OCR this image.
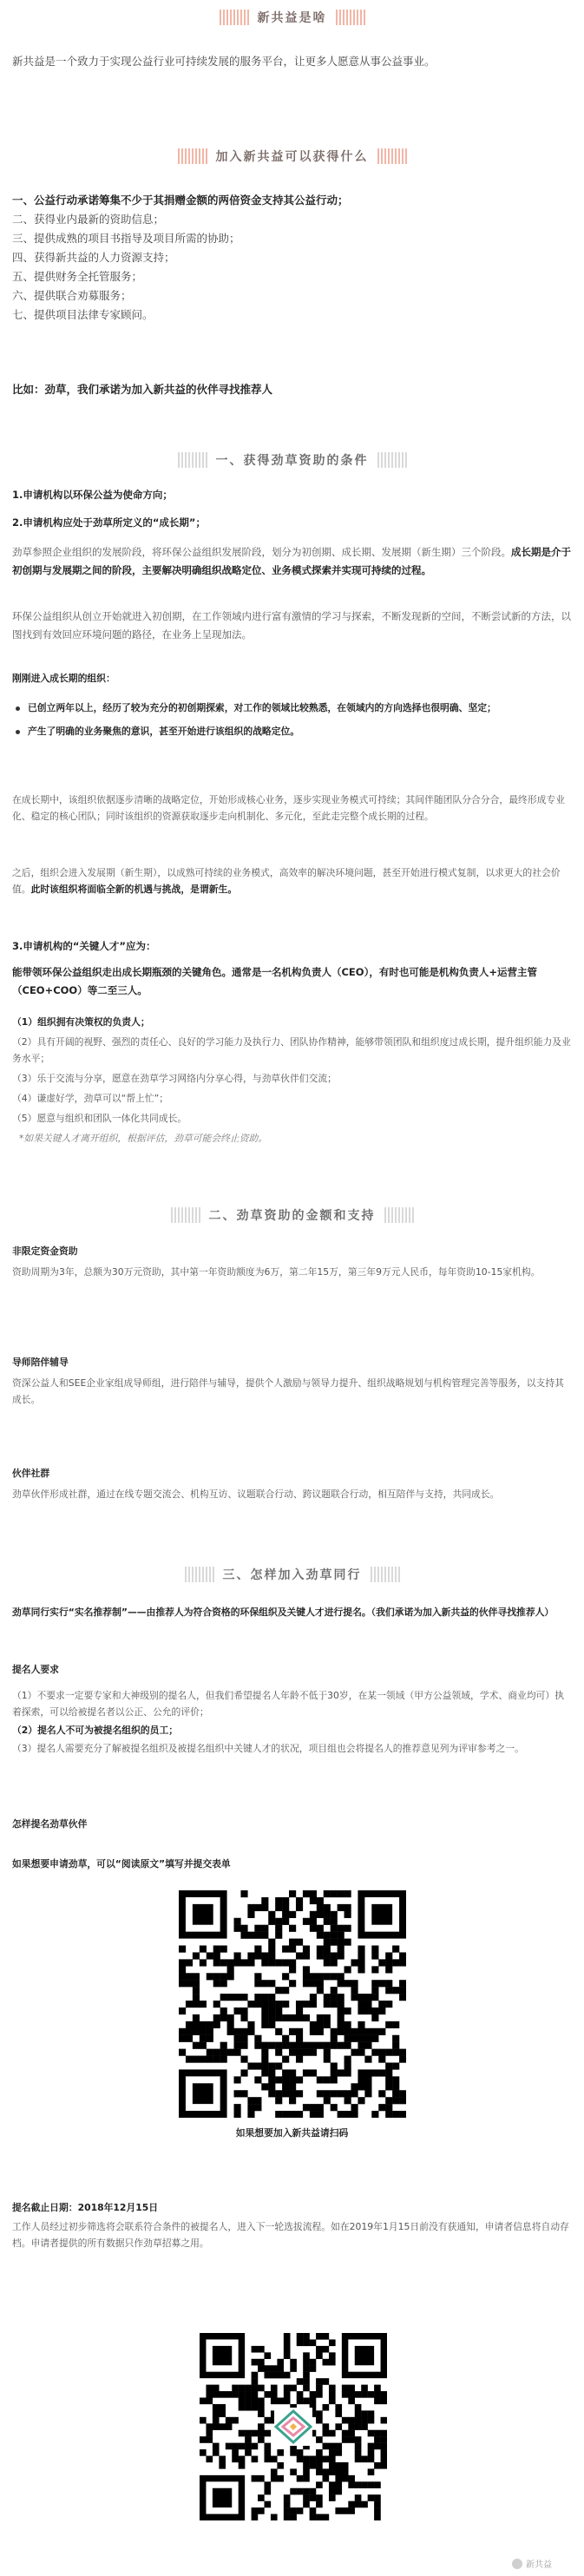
新共益是啥

新共益是一个致力于实现公益行业可持续发展的服务平台，让更多人愿意从事公益事业。

加入新共益可以获得什么
一、公益行动承诺筹集不少于其捐赠金额的两倍资金支持其公益行动；
二、获得业内最新的资助信息；
三、提供成熟的项目书指导及项目所需的协助；
四、获得新共益的人力资源支持；
五、提供财务全托管服务；
六、提供联合劝募服务；
七、提供项目法律专家顾问。

比如：劲草，我们承诺为加入新共益的伙伴寻找推荐人

一、获得劲草资助的条件

1.申请机构以环保公益为使命方向；

2.申请机构应处于劲草所定义的“成长期”；

劲草参照企业组织的发展阶段，将环保公益组织发展阶段，划分为初创期、成长期、发展期（新生期）三个阶段。成长期是介于初创期与发展期之间的阶段，主要解决明确组织战略定位、业务模式探索并实现可持续的过程。

环保公益组织从创立开始就进入初创期，在工作领域内进行富有激情的学习与探索，不断发现新的空间，不断尝试新的方法，以图找到有效回应环境问题的路径，在业务上呈现加法。

刚刚进入成长期的组织：

已创立两年以上，经历了较为充分的初创期探索，对工作的领域比较熟悉，在领域内的方向选择也很明确、坚定；
产生了明确的业务聚焦的意识，甚至开始进行该组织的战略定位。

在成长期中，该组织依据逐步清晰的战略定位，开始形成核心业务，逐步实现业务模式可持续；其间伴随团队分合分合，最终形成专业化、稳定的核心团队；同时该组织的资源获取逐步走向机制化、多元化，至此走完整个成长期的过程。

之后，组织会进入发展期（新生期），以成熟可持续的业务模式，高效率的解决环境问题，甚至开始进行模式复制，以求更大的社会价值。此时该组织将面临全新的机遇与挑战，是谓新生。

3.申请机构的“关键人才”应为：

能带领环保公益组织走出成长期瓶颈的关键角色。通常是一名机构负责人（CEO），有时也可能是机构负责人+运营主管（CEO+COO）等二至三人。

（1）组织拥有决策权的负责人；
（2）具有开阔的视野、强烈的责任心、良好的学习能力及执行力、团队协作精神，能够带领团队和组织度过成长期，提升组织能力及业务水平；
（3）乐于交流与分享，愿意在劲草学习网络内分享心得，与劲草伙伴们交流；
（4）谦虚好学，劲草可以“帮上忙”；
（5）愿意与组织和团队一体化共同成长。
*如果关键人才离开组织，根据评估，劲草可能会终止资助。
二、劲草资助的金额和支持

非限定资金资助

资助周期为3年，总额为30万元资助，其中第一年资助额度为6万，第二年15万，第三年9万元人民币，每年资助10-15家机构。

导师陪伴辅导

资深公益人和SEE企业家组成导师组，进行陪伴与辅导，提供个人激励与领导力提升、组织战略规划与机构管理完善等服务，以支持其成长。

伙伴社群

劲草伙伴形成社群，通过在线专题交流会、机构互访、议题联合行动、跨议题联合行动，相互陪伴与支持，共同成长。

三、怎样加入劲草同行

劲草同行实行“实名推荐制”——由推荐人为符合资格的环保组织及关键人才进行提名。（我们承诺为加入新共益的伙伴寻找推荐人）

提名人要求

（1）不要求一定要专家和大神级别的提名人，但我们希望提名人年龄不低于30岁，在某一领域（甲方公益领域，学术、商业均可）执着探索，可以给被提名者以公正、公允的评价；
（2）提名人不可为被提名组织的员工；
（3）提名人需要充分了解被提名组织及被提名组织中关键人才的状况，项目组也会将提名人的推荐意见列为评审参考之一。

怎样提名劲草伙伴

如果想要申请劲草，可以“阅读原文”填写并提交表单

如果想要加入新共益请扫码

提名截止日期：2018年12月15日

工作人员经过初步筛选将会联系符合条件的被提名人，进入下一轮选拔流程。如在2019年1月15日前没有获通知，申请者信息将自动存档。申请者提供的所有数据只作劲草招募之用。

新共益
